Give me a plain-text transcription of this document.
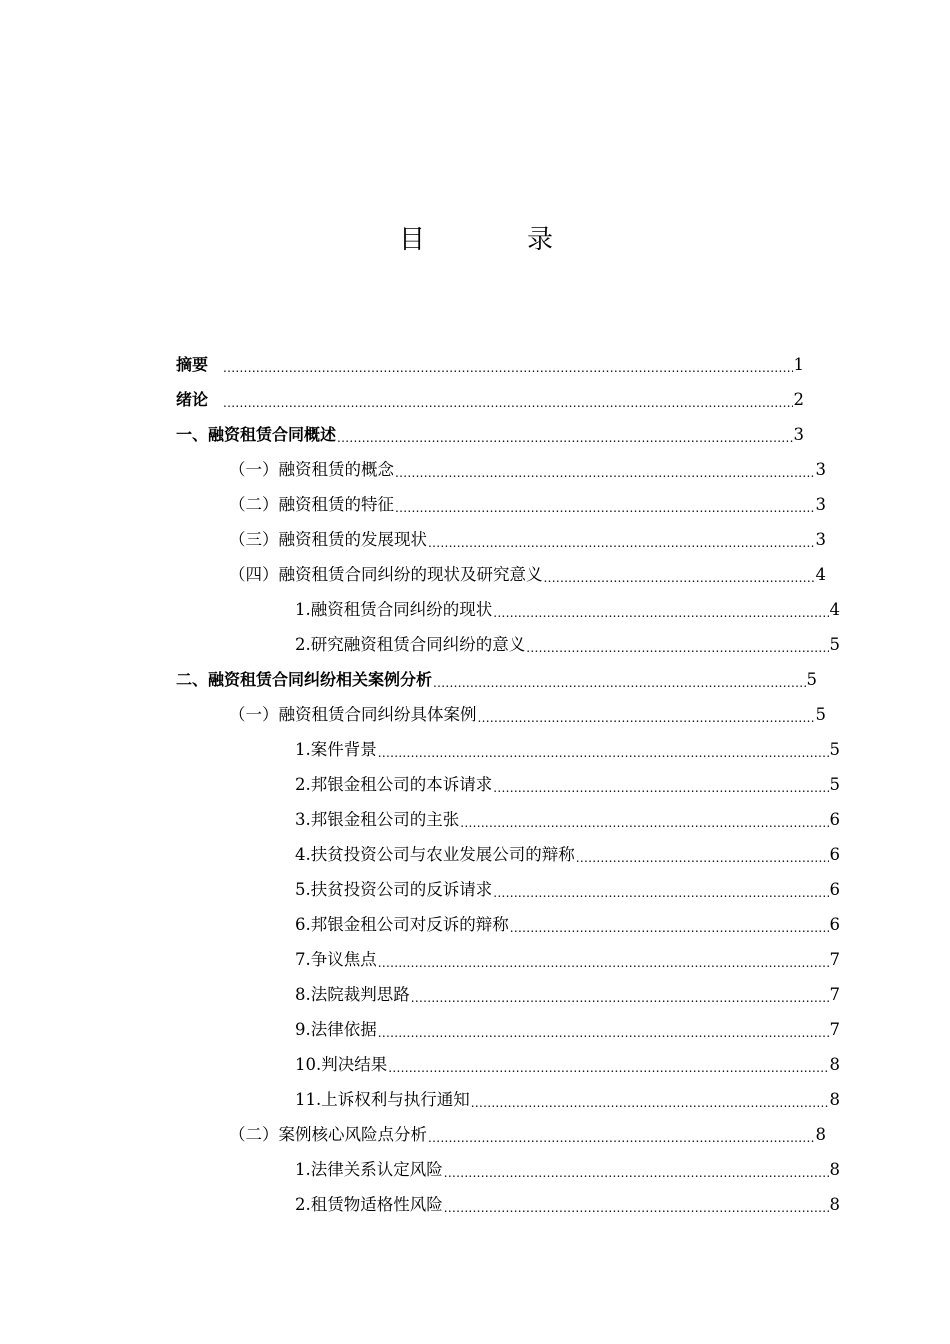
目　录
摘要 .....	1
绪论 .....	2
一、融资租赁合同概述 .....	3
（一）融资租赁的概念 .....	3
（二）融资租赁的特征 .....	3
（三）融资租赁的发展现状 .....	3
（四）融资租赁合同纠纷的现状及研究意义 .....	4
1.融资租赁合同纠纷的现状 .....	4
2.研究融资租赁合同纠纷的意义 .....	5
二、融资租赁合同纠纷相关案例分析 .....	5
（一）融资租赁合同纠纷具体案例 .....	5
1.案件背景 .....	5
2.邦银金租公司的本诉请求 .....	5
3.邦银金租公司的主张 .....	6
4.扶贫投资公司与农业发展公司的辩称 .....	6
5.扶贫投资公司的反诉请求 .....	6
6.邦银金租公司对反诉的辩称 .....	6
7.争议焦点 .....	7
8.法院裁判思路 .....	7
9.法律依据 .....	7
10.判决结果 .....	8
11.上诉权利与执行通知 .....	8
（二）案例核心风险点分析 .....	8
1.法律关系认定风险 .....	8
2.租赁物适格性风险 .....	8
